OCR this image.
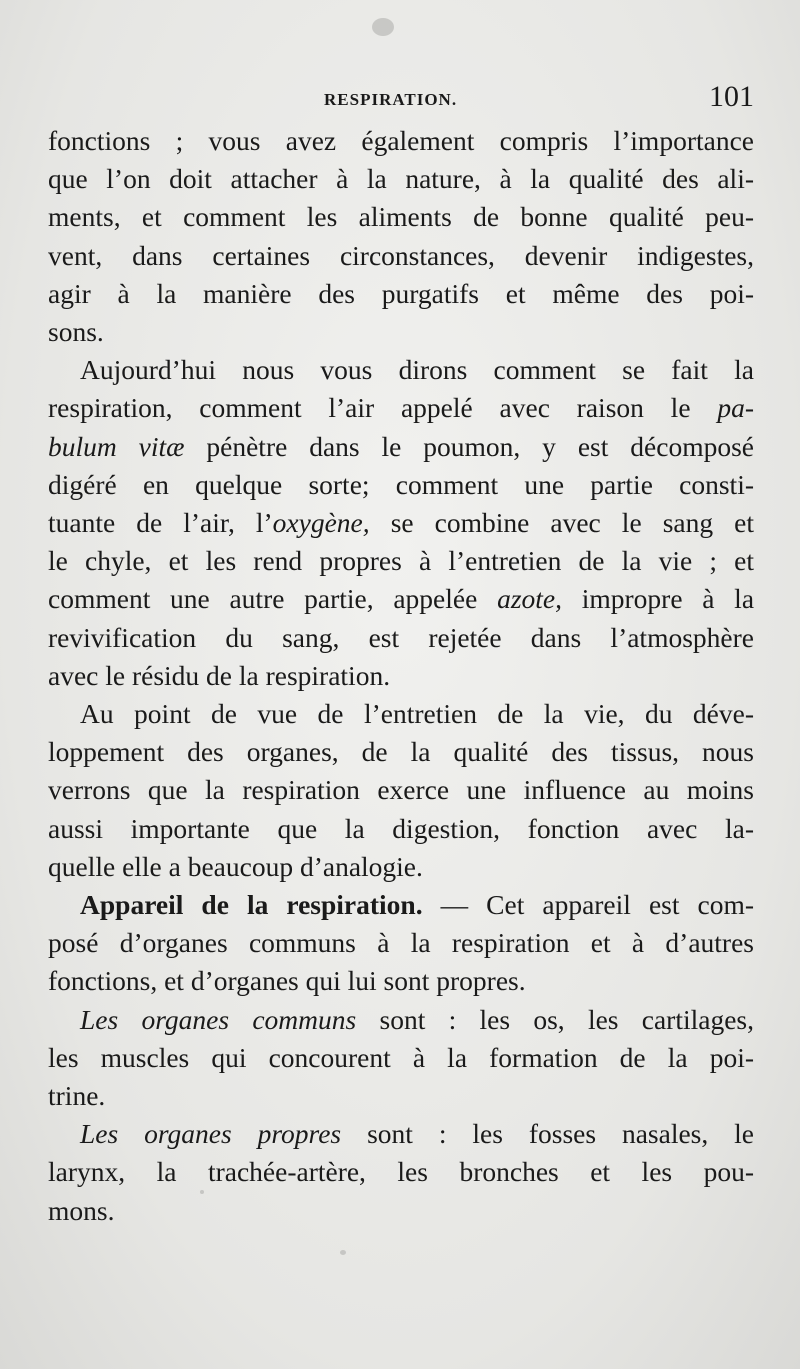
RESPIRATION.	101

fonctions ; vous avez également compris l’importance
que l’on doit attacher à la nature, à la qualité des ali-
ments, et comment les aliments de bonne qualité peu-
vent, dans certaines circonstances, devenir indigestes,
agir à la manière des purgatifs et même des poi-
sons.

Aujourd’hui nous vous dirons comment se fait la
respiration, comment l’air appelé avec raison le pa-
bulum vitæ pénètre dans le poumon, y est décomposé
digéré en quelque sorte; comment une partie consti-
tuante de l’air, l’oxygène, se combine avec le sang et
le chyle, et les rend propres à l’entretien de la vie ; et
comment une autre partie, appelée azote, impropre à la
revivification du sang, est rejetée dans l’atmosphère
avec le résidu de la respiration.

Au point de vue de l’entretien de la vie, du déve-
loppement des organes, de la qualité des tissus, nous
verrons que la respiration exerce une influence au moins
aussi importante que la digestion, fonction avec la-
quelle elle a beaucoup d’analogie.

Appareil de la respiration. — Cet appareil est com-
posé d’organes communs à la respiration et à d’autres
fonctions, et d’organes qui lui sont propres.

Les organes communs sont : les os, les cartilages,
les muscles qui concourent à la formation de la poi-
trine.

Les organes propres sont : les fosses nasales, le
larynx, la trachée-artère, les bronches et les pou-
mons.
